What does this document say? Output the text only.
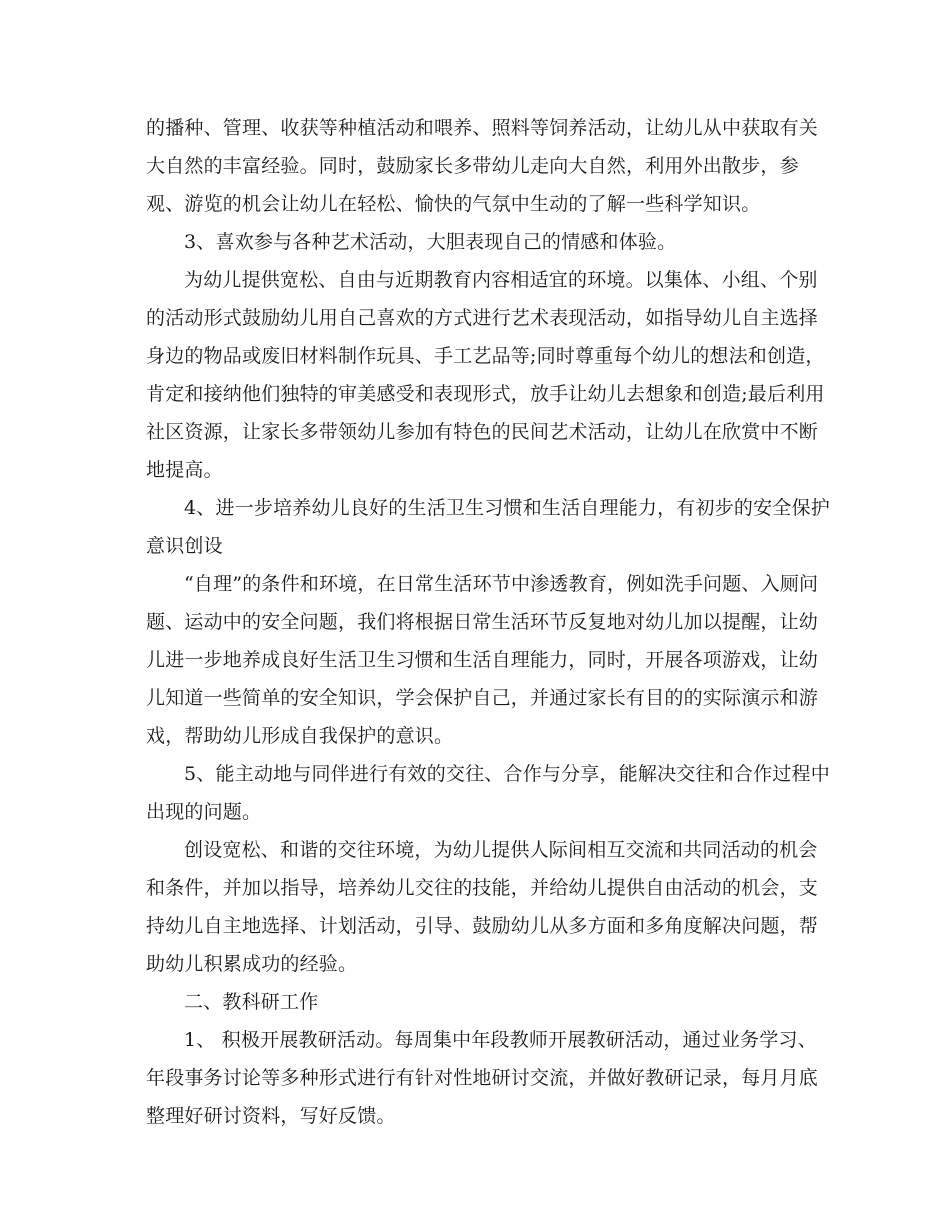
的播种、管理、收获等种植活动和喂养、照料等饲养活动，让幼儿从中获取有关
大自然的丰富经验。同时，鼓励家长多带幼儿走向大自然，利用外出散步，参
观、游览的机会让幼儿在轻松、愉快的气氛中生动的了解一些科学知识。
3、喜欢参与各种艺术活动，大胆表现自己的情感和体验。
为幼儿提供宽松、自由与近期教育内容相适宜的环境。以集体、小组、个别
的活动形式鼓励幼儿用自己喜欢的方式进行艺术表现活动，如指导幼儿自主选择
身边的物品或废旧材料制作玩具、手工艺品等;同时尊重每个幼儿的想法和创造，
肯定和接纳他们独特的审美感受和表现形式，放手让幼儿去想象和创造;最后利用
社区资源，让家长多带领幼儿参加有特色的民间艺术活动，让幼儿在欣赏中不断
地提高。
4、进一步培养幼儿良好的生活卫生习惯和生活自理能力，有初步的安全保护
意识创设
“自理”的条件和环境，在日常生活环节中渗透教育，例如洗手问题、入厕问
题、运动中的安全问题，我们将根据日常生活环节反复地对幼儿加以提醒，让幼
儿进一步地养成良好生活卫生习惯和生活自理能力，同时，开展各项游戏，让幼
儿知道一些简单的安全知识，学会保护自己，并通过家长有目的的实际演示和游
戏，帮助幼儿形成自我保护的意识。
5、能主动地与同伴进行有效的交往、合作与分享，能解决交往和合作过程中
出现的问题。
创设宽松、和谐的交往环境，为幼儿提供人际间相互交流和共同活动的机会
和条件，并加以指导，培养幼儿交往的技能，并给幼儿提供自由活动的机会，支
持幼儿自主地选择、计划活动，引导、鼓励幼儿从多方面和多角度解决问题，帮
助幼儿积累成功的经验。
二、教科研工作
1、 积极开展教研活动。每周集中年段教师开展教研活动，通过业务学习、
年段事务讨论等多种形式进行有针对性地研讨交流，并做好教研记录，每月月底
整理好研讨资料，写好反馈。
